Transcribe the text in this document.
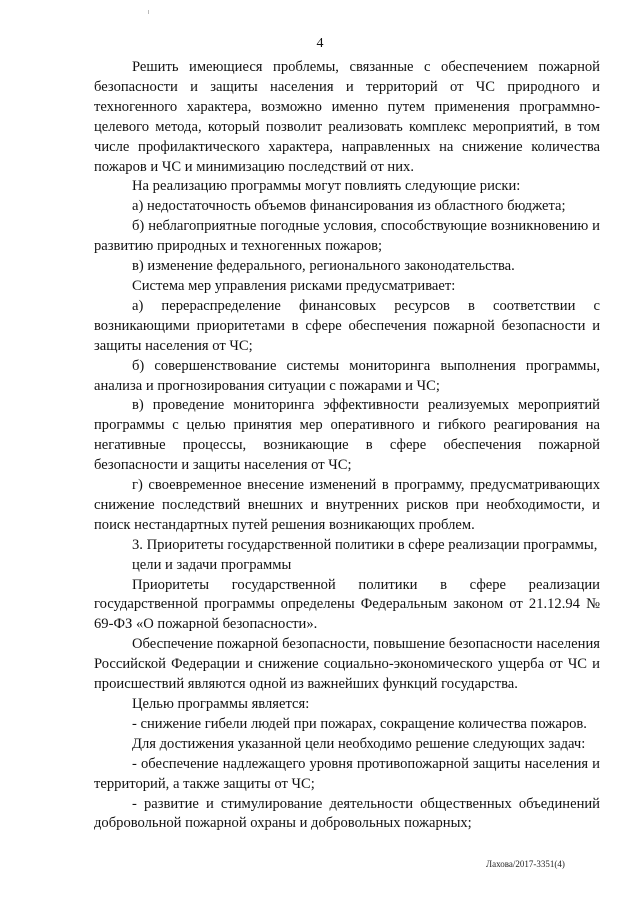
4

Решить имеющиеся проблемы, связанные с обеспечением пожарной безопасности и защиты населения и территорий от ЧС природного и техногенного характера, возможно именно путем применения программно-целевого метода, который позволит реализовать комплекс мероприятий, в том числе профилактического характера, направленных на снижение количества пожаров и ЧС и минимизацию последствий от них.

На реализацию программы могут повлиять следующие риски:

а) недостаточность объемов финансирования из областного бюджета;

б) неблагоприятные погодные условия, способствующие возникновению и развитию природных и техногенных пожаров;

в) изменение федерального, регионального законодательства.

Система мер управления рисками предусматривает:

а) перераспределение финансовых ресурсов в соответствии с возникающими приоритетами в сфере обеспечения пожарной безопасности и защиты населения от ЧС;

б) совершенствование системы мониторинга выполнения программы, анализа и прогнозирования ситуации с пожарами и ЧС;

в) проведение мониторинга эффективности реализуемых мероприятий программы с целью принятия мер оперативного и гибкого реагирования на негативные процессы, возникающие в сфере обеспечения пожарной безопасности и защиты населения от ЧС;

г) своевременное внесение изменений в программу, предусматривающих снижение последствий внешних и внутренних рисков при необходимости, и поиск нестандартных путей решения возникающих проблем.

3. Приоритеты государственной политики в сфере реализации программы,
цели и задачи программы

Приоритеты государственной политики в сфере реализации государственной программы определены Федеральным законом от 21.12.94 № 69-ФЗ «О пожарной безопасности».

Обеспечение пожарной безопасности, повышение безопасности населения Российской Федерации и снижение социально-экономического ущерба от ЧС и происшествий являются одной из важнейших функций государства.

Целью программы является:

- снижение гибели людей при пожарах, сокращение количества пожаров.

Для достижения указанной цели необходимо решение следующих задач:

- обеспечение надлежащего уровня противопожарной защиты населения и территорий, а также защиты от ЧС;

- развитие и стимулирование деятельности общественных объединений добровольной пожарной охраны и добровольных пожарных;

Лахова/2017-3351(4)
